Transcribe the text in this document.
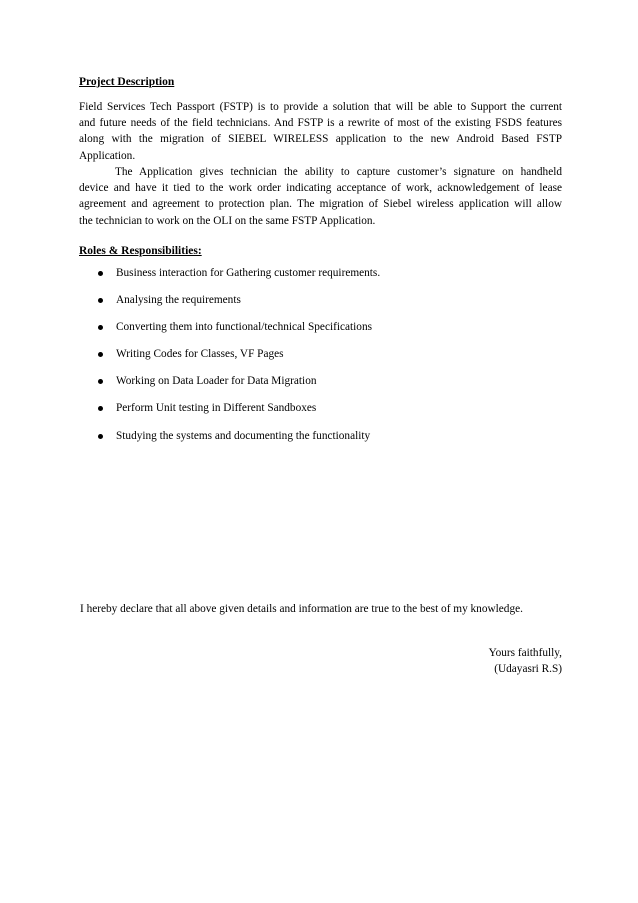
Project Description
Field Services Tech Passport (FSTP) is to provide a solution that will be able to Support the current
and future needs of the field technicians. And FSTP is a rewrite of most of the existing FSDS features
along with the migration of SIEBEL WIRELESS application to the new Android Based FSTP
Application.
The Application gives technician the ability to capture customer’s signature on handheld
device and have it tied to the work order indicating acceptance of work, acknowledgement of lease
agreement and agreement to protection plan. The migration of Siebel wireless application will allow
the technician to work on the OLI on the same FSTP Application.
Roles & Responsibilities:
Business interaction for Gathering customer requirements.
Analysing the requirements
Converting them into functional/technical Specifications
Writing Codes for Classes, VF Pages
Working on Data Loader for Data Migration
Perform Unit testing in Different Sandboxes
Studying the systems and documenting the functionality
I hereby declare that all above given details and information are true to the best of my knowledge.
Yours faithfully,
(Udayasri R.S)
